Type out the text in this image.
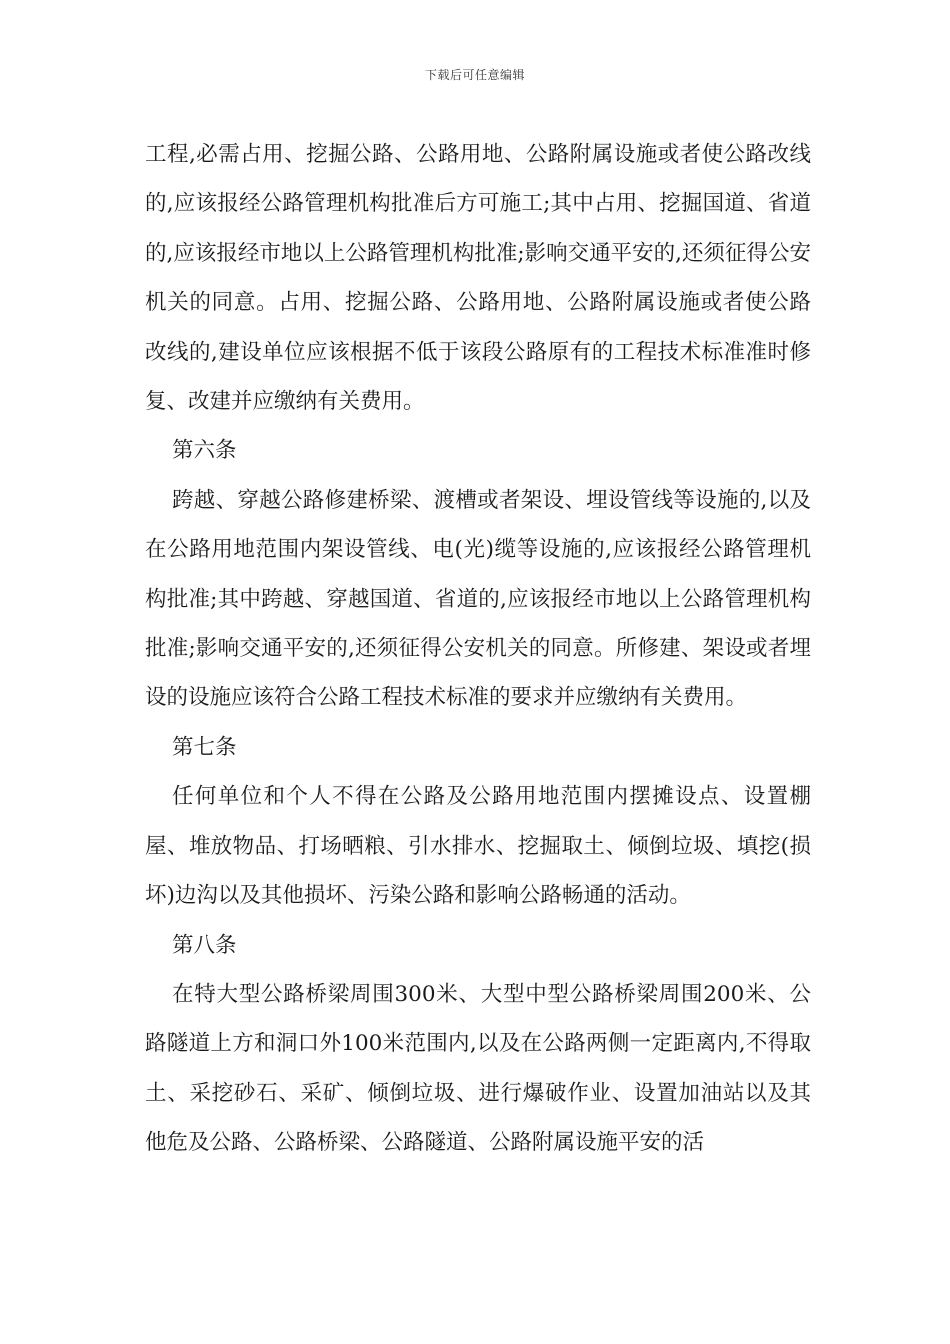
下载后可任意编辑

工程,必需占用、挖掘公路、公路用地、公路附属设施或者使公路改线的,应该报经公路管理机构批准后方可施工;其中占用、挖掘国道、省道的,应该报经市地以上公路管理机构批准;影响交通平安的,还须征得公安机关的同意。占用、挖掘公路、公路用地、公路附属设施或者使公路改线的,建设单位应该根据不低于该段公路原有的工程技术标准准时修复、改建并应缴纳有关费用。

第六条

跨越、穿越公路修建桥梁、渡槽或者架设、埋设管线等设施的,以及在公路用地范围内架设管线、电(光)缆等设施的,应该报经公路管理机构批准;其中跨越、穿越国道、省道的,应该报经市地以上公路管理机构批准;影响交通平安的,还须征得公安机关的同意。所修建、架设或者埋设的设施应该符合公路工程技术标准的要求并应缴纳有关费用。

第七条

任何单位和个人不得在公路及公路用地范围内摆摊设点、设置棚屋、堆放物品、打场晒粮、引水排水、挖掘取土、倾倒垃圾、填挖(损坏)边沟以及其他损坏、污染公路和影响公路畅通的活动。

第八条

在特大型公路桥梁周围300米、大型中型公路桥梁周围200米、公路隧道上方和洞口外100米范围内,以及在公路两侧一定距离内,不得取土、采挖砂石、采矿、倾倒垃圾、进行爆破作业、设置加油站以及其他危及公路、公路桥梁、公路隧道、公路附属设施平安的活
